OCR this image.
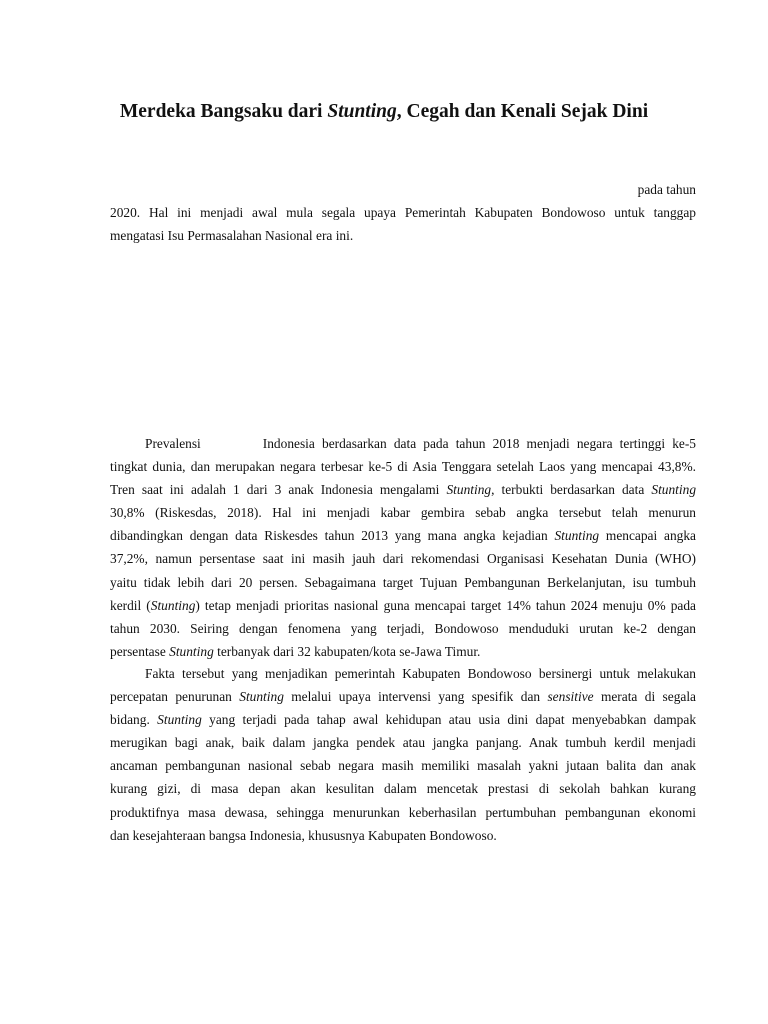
Merdeka Bangsaku dari Stunting, Cegah dan Kenali Sejak Dini
pada tahun
2020. Hal ini menjadi awal mula segala upaya Pemerintah Kabupaten Bondowoso untuk tanggap
mengatasi Isu Permasalahan Nasional era ini.
Prevalensi	Indonesia berdasarkan data pada tahun 2018 menjadi negara tertinggi ke-5
tingkat dunia, dan merupakan negara terbesar ke-5 di Asia Tenggara setelah Laos yang mencapai 43,8%.
Tren saat ini adalah 1 dari 3 anak Indonesia mengalami Stunting, terbukti berdasarkan data Stunting
30,8% (Riskesdas, 2018). Hal ini menjadi kabar gembira sebab angka tersebut telah menurun
dibandingkan dengan data Riskesdes tahun 2013 yang mana angka kejadian Stunting mencapai angka
37,2%, namun persentase saat ini masih jauh dari rekomendasi Organisasi Kesehatan Dunia (WHO)
yaitu tidak lebih dari 20 persen. Sebagaimana target Tujuan Pembangunan Berkelanjutan, isu tumbuh
kerdil (Stunting) tetap menjadi prioritas nasional guna mencapai target 14% tahun 2024 menuju 0% pada
tahun 2030. Seiring dengan fenomena yang terjadi, Bondowoso menduduki urutan ke-2 dengan
persentase Stunting terbanyak dari 32 kabupaten/kota se-Jawa Timur.
Fakta tersebut yang menjadikan pemerintah Kabupaten Bondowoso bersinergi untuk melakukan
percepatan penurunan Stunting melalui upaya intervensi yang spesifik dan sensitive merata di segala
bidang. Stunting yang terjadi pada tahap awal kehidupan atau usia dini dapat menyebabkan dampak
merugikan bagi anak, baik dalam jangka pendek atau jangka panjang. Anak tumbuh kerdil menjadi
ancaman pembangunan nasional sebab negara masih memiliki masalah yakni jutaan balita dan anak
kurang gizi, di masa depan akan kesulitan dalam mencetak prestasi di sekolah bahkan kurang
produktifnya masa dewasa, sehingga menurunkan keberhasilan pertumbuhan pembangunan ekonomi
dan kesejahteraan bangsa Indonesia, khususnya Kabupaten Bondowoso.
